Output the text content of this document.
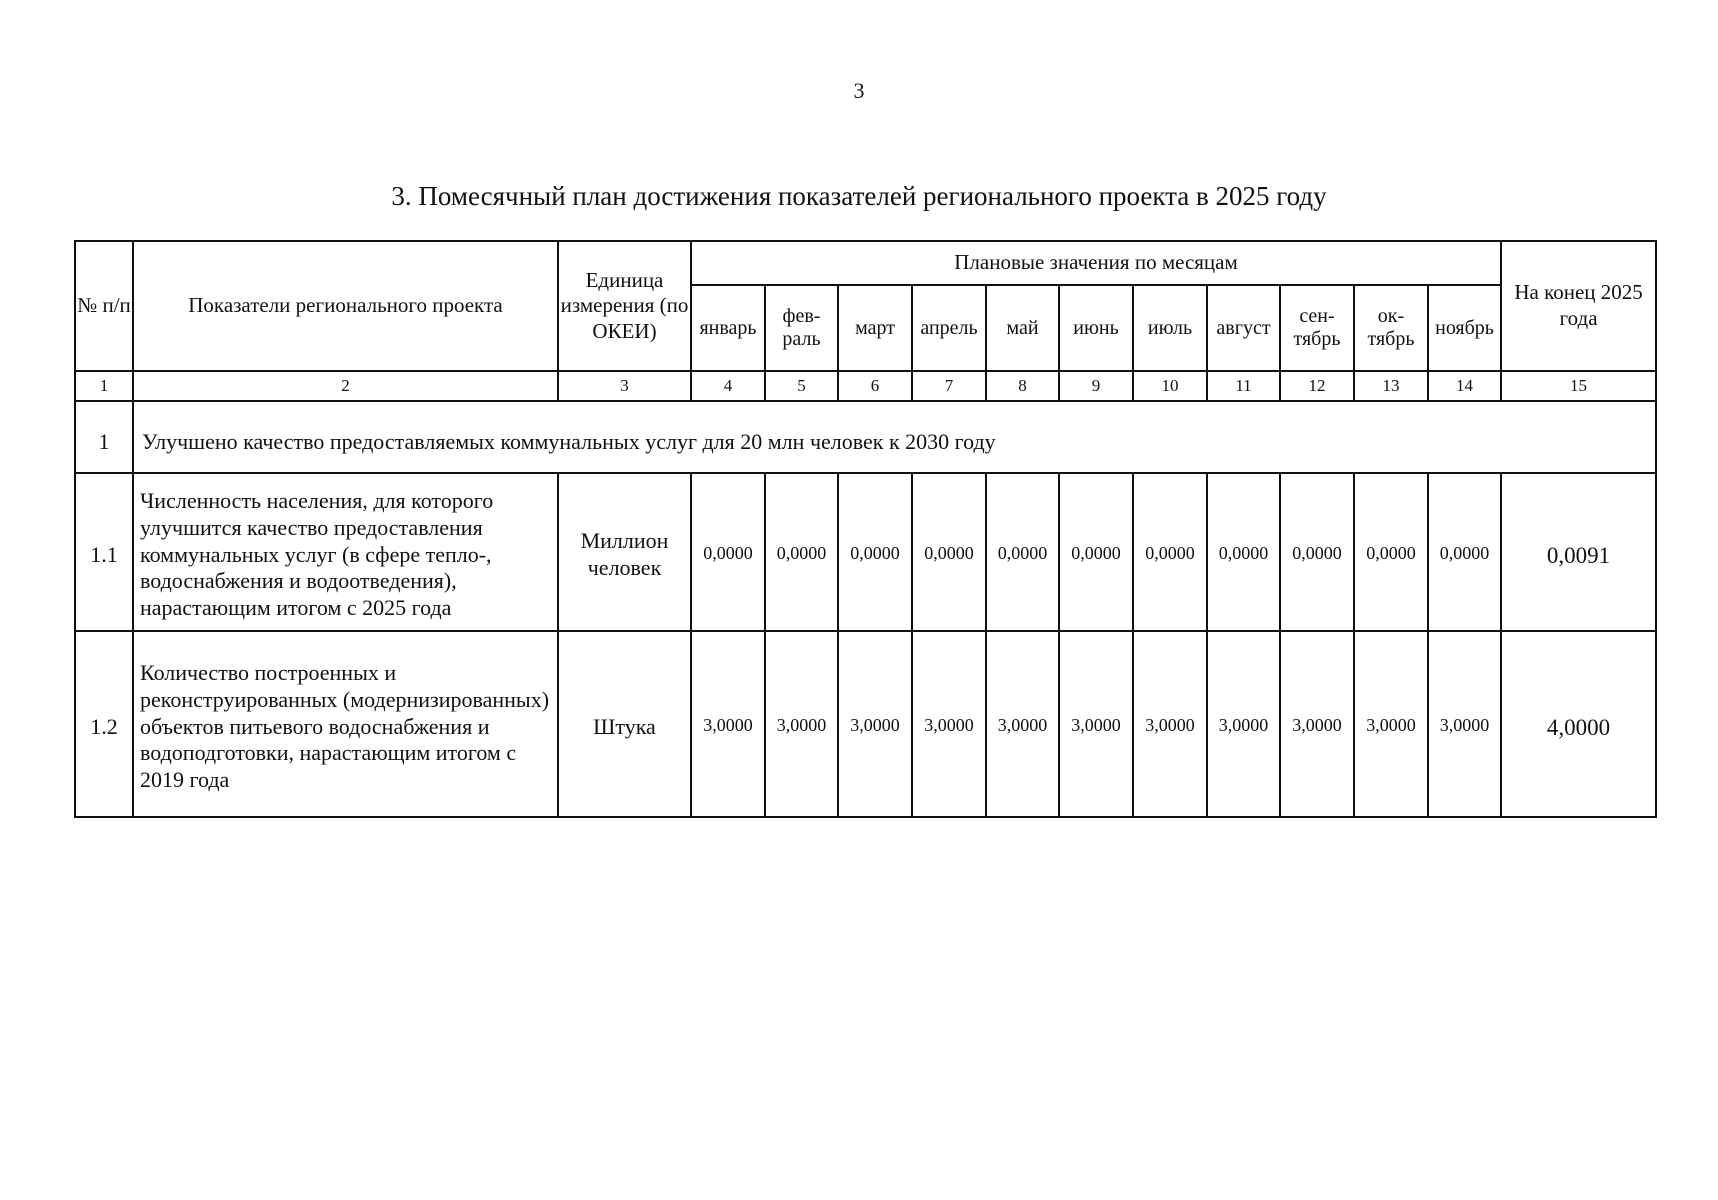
3
3. Помесячный план достижения показателей регионального проекта в 2025 году
№ п/п	Показатели регионального проекта	Единица измерения (по ОКЕИ)	Плановые значения по месяцам											На конец 2025 года
			январь	фев-раль	март	апрель	май	июнь	июль	август	сен-тябрь	ок-тябрь	ноябрь	
1	2	3	4	5	6	7	8	9	10	11	12	13	14	15
1	Улучшено качество предоставляемых коммунальных услуг для 20 млн человек к 2030 году													
1.1	Численность населения, для которого улучшится качество предоставления коммунальных услуг (в сфере тепло-, водоснабжения и водоотведения), нарастающим итогом с 2025 года	Миллион человек	0,0000	0,0000	0,0000	0,0000	0,0000	0,0000	0,0000	0,0000	0,0000	0,0000	0,0000	0,0091
1.2	Количество построенных и реконструированных (модернизированных) объектов питьевого водоснабжения и водоподготовки, нарастающим итогом с 2019 года	Штука	3,0000	3,0000	3,0000	3,0000	3,0000	3,0000	3,0000	3,0000	3,0000	3,0000	3,0000	4,0000
